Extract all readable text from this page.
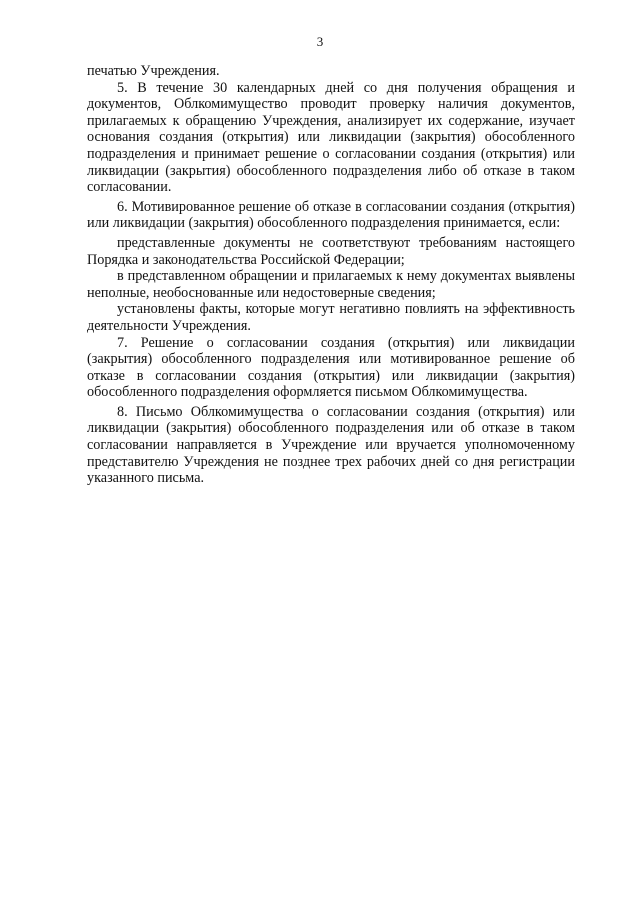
3

печатью Учреждения.

5. В течение 30 календарных дней со дня получения обращения и документов, Облкомимущество проводит проверку наличия документов, прилагаемых к обращению Учреждения, анализирует их содержание, изучает основания создания (открытия) или ликвидации (закрытия) обособленного подразделения и принимает решение о согласовании создания (открытия) или ликвидации (закрытия) обособленного подразделения либо об отказе в таком согласовании.

6. Мотивированное решение об отказе в согласовании создания (открытия) или ликвидации (закрытия) обособленного подразделения принимается, если:

представленные документы не соответствуют требованиям настоящего Порядка и законодательства Российской Федерации;

в представленном обращении и прилагаемых к нему документах выявлены неполные, необоснованные или недостоверные сведения;

установлены факты, которые могут негативно повлиять на эффективность деятельности Учреждения.

7. Решение о согласовании создания (открытия) или ликвидации (закрытия) обособленного подразделения или мотивированное решение об отказе в согласовании создания (открытия) или ликвидации (закрытия) обособленного подразделения оформляется письмом Облкомимущества.

8. Письмо Облкомимущества о согласовании создания (открытия) или ликвидации (закрытия) обособленного подразделения или об отказе в таком согласовании направляется в Учреждение или вручается уполномоченному представителю Учреждения не позднее трех рабочих дней со дня регистрации указанного письма.
